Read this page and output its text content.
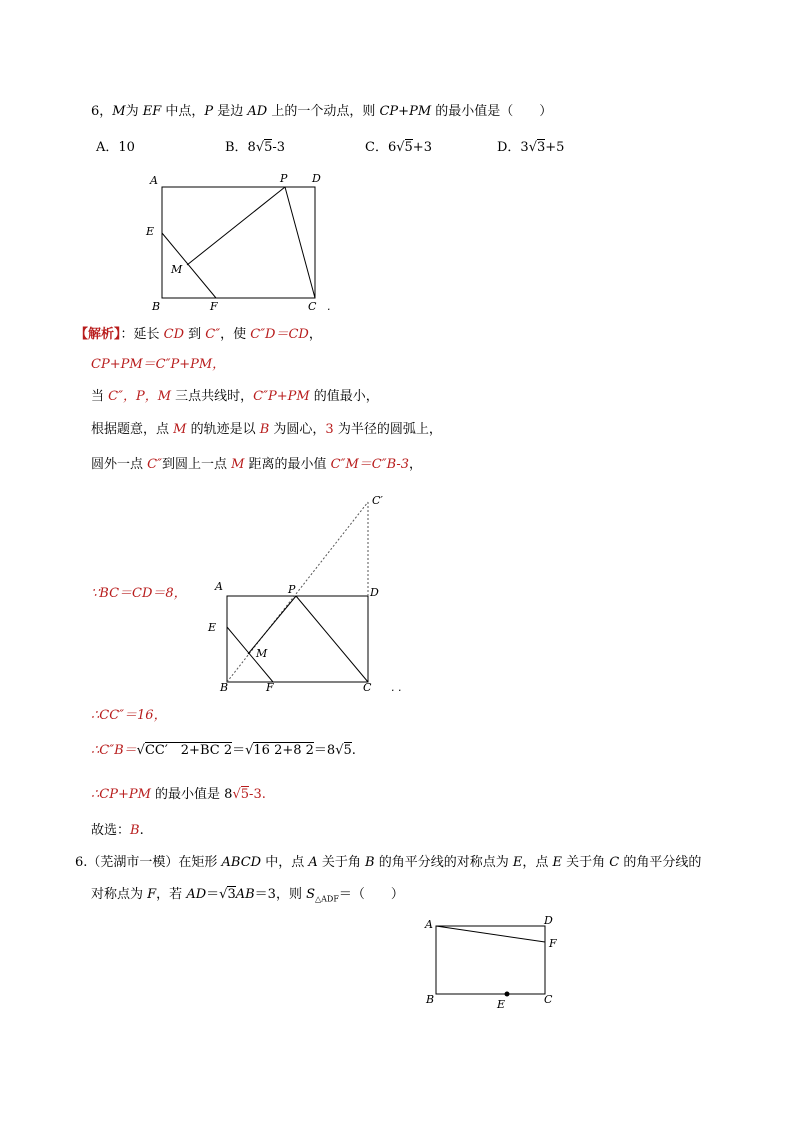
6，M为 EF 中点，P 是边 AD 上的一个动点，则 CP+PM 的最小值是（　　）
A．10	B．8√5-3	C．6√5+3	D．3√3+5
A	P D
E
M
B	F	C .
【解析】：延长 CD 到 C″，使 C″D＝CD，
CP+PM＝C″P+PM，
当 C″，P，M 三点共线时，C″P+PM 的值最小，
根据题意，点 M 的轨迹是以 B 为圆心，3 为半径的圆弧上，
圆外一点 C″到圆上一点 M 距离的最小值 C″M＝C″B-3，
∵BC＝CD＝8，
C′
A	P	D
E
M
B	F	C . .
∴CC″＝16，
∴C″B＝√CC′　2+BC 2＝√16 2+8 2＝8√5.
∴CP+PM 的最小值是 8√5-3.
故选：B.
6.（芜湖市一模）在矩形 ABCD 中，点 A 关于角 B 的角平分线的对称点为 E，点 E 关于角 C 的角平分线的
对称点为 F，若 AD＝√3AB＝3，则 $S_{\triangle ADF}=$（　　）
A	D
F
B	E	C
